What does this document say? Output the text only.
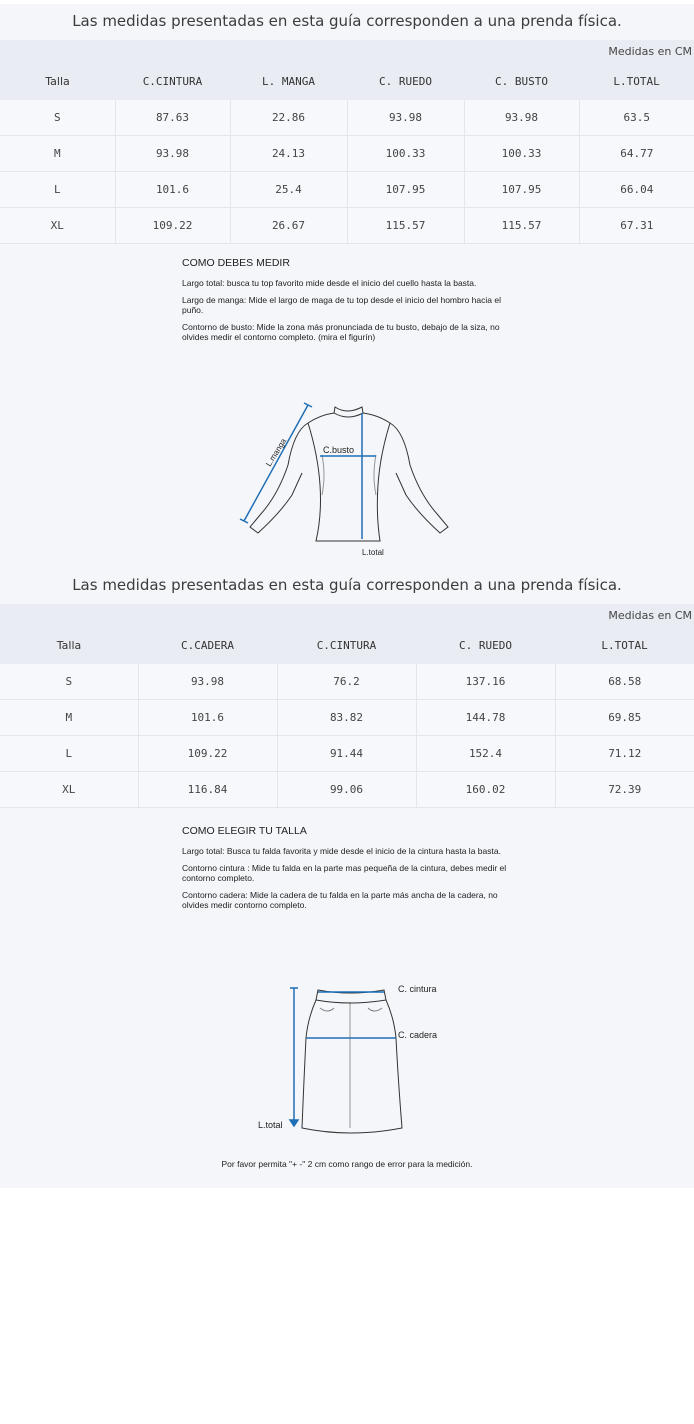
Las medidas presentadas en esta guía corresponden a una prenda física.
Medidas en CM					
Talla	C.CINTURA	L. MANGA	C. RUEDO	C. BUSTO	L.TOTAL
S	87.63	22.86	93.98	93.98	63.5
M	93.98	24.13	100.33	100.33	64.77
L	101.6	25.4	107.95	107.95	66.04
XL	109.22	26.67	115.57	115.57	67.31
COMO DEBES MEDIR

Largo total: busca tu top favorito mide desde el inicio del cuello hasta la basta.

Largo de manga: Mide el largo de maga de tu top desde el inicio del hombro hacia el puño.

Contorno de busto: Mide la zona más pronunciada de tu busto, debajo de la siza, no olvides medir el contorno completo. (mira el figurín)

L.manga	C.busto
L.total
Las medidas presentadas en esta guía corresponden a una prenda física.
Medidas en CM				
Talla	C.CADERA	C.CINTURA	C. RUEDO	L.TOTAL
S	93.98	76.2	137.16	68.58
M	101.6	83.82	144.78	69.85
L	109.22	91.44	152.4	71.12
XL	116.84	99.06	160.02	72.39
COMO ELEGIR TU TALLA

Largo total: Busca tu falda favorita y mide desde el inicio de la cintura hasta la basta.

Contorno cintura : Mide tu falda en la parte mas pequeña de la cintura, debes medir el contorno completo.

Contorno cadera: Mide la cadera de tu falda en la parte más ancha de la cadera, no olvides medir contorno completo.

C. cintura
C. cadera
L.total
Por favor permita "+ -" 2 cm como rango de error para la medición.
